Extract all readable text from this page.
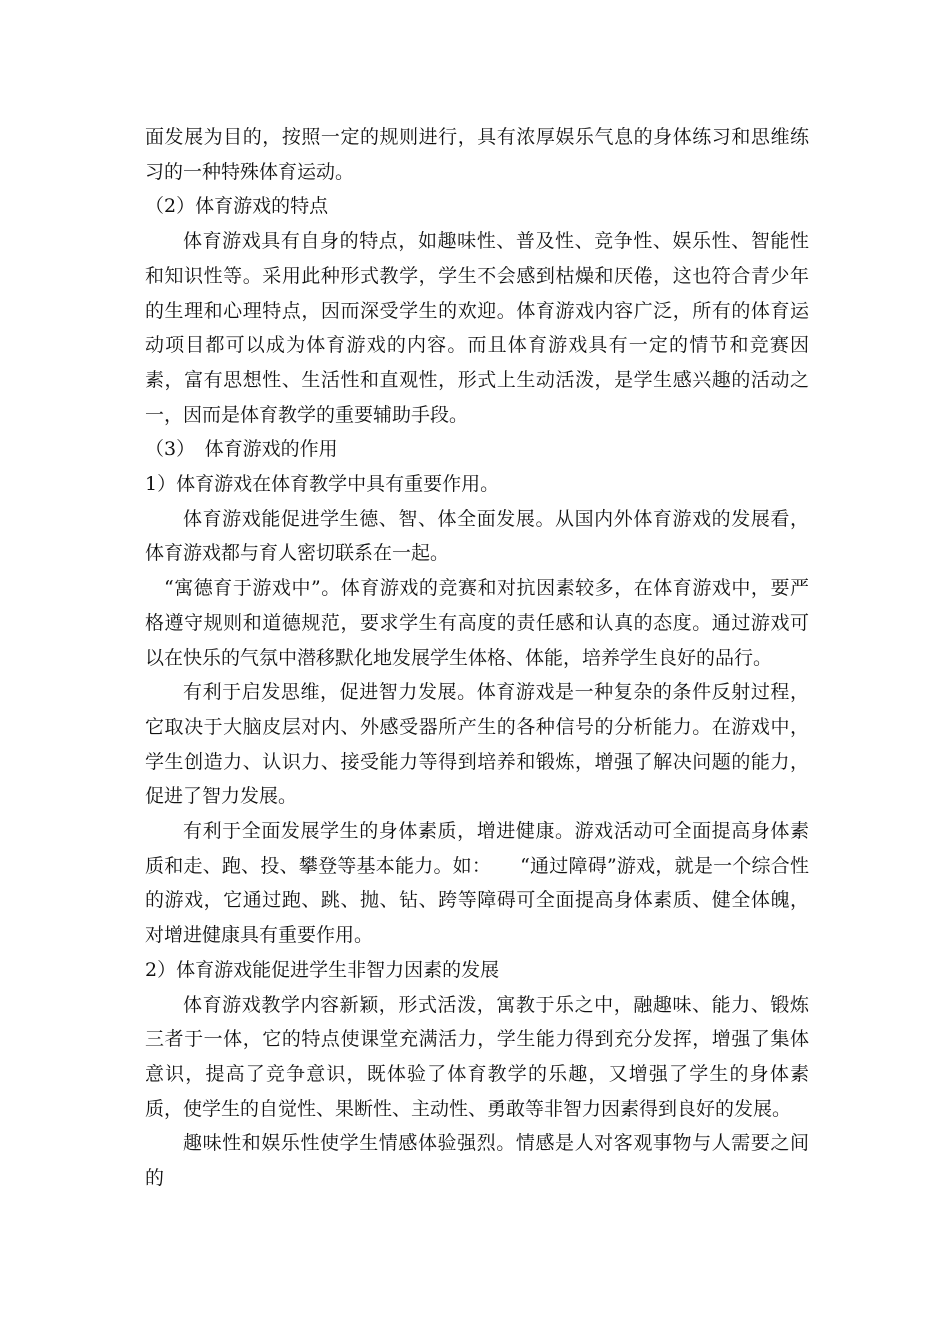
面发展为目的，按照一定的规则进行，具有浓厚娱乐气息的身体练习和思维练习的一种特殊体育运动。

（2）体育游戏的特点

体育游戏具有自身的特点，如趣味性、普及性、竞争性、娱乐性、智能性和知识性等。采用此种形式教学，学生不会感到枯燥和厌倦，这也符合青少年的生理和心理特点，因而深受学生的欢迎。体育游戏内容广泛，所有的体育运动项目都可以成为体育游戏的内容。而且体育游戏具有一定的情节和竞赛因素，富有思想性、生活性和直观性，形式上生动活泼，是学生感兴趣的活动之一，因而是体育教学的重要辅助手段。

（3）　体育游戏的作用

1）体育游戏在体育教学中具有重要作用。

体育游戏能促进学生德、智、体全面发展。从国内外体育游戏的发展看，体育游戏都与育人密切联系在一起。

“寓德育于游戏中”。体育游戏的竞赛和对抗因素较多，在体育游戏中，要严格遵守规则和道德规范，要求学生有高度的责任感和认真的态度。通过游戏可以在快乐的气氛中潜移默化地发展学生体格、体能，培养学生良好的品行。

有利于启发思维，促进智力发展。体育游戏是一种复杂的条件反射过程，它取决于大脑皮层对内、外感受器所产生的各种信号的分析能力。在游戏中，学生创造力、认识力、接受能力等得到培养和锻炼，增强了解决问题的能力，促进了智力发展。

有利于全面发展学生的身体素质，增进健康。游戏活动可全面提高身体素质和走、跑、投、攀登等基本能力。如：　　“通过障碍”游戏，就是一个综合性的游戏，它通过跑、跳、抛、钻、跨等障碍可全面提高身体素质、健全体魄，对增进健康具有重要作用。

2）体育游戏能促进学生非智力因素的发展

体育游戏教学内容新颖，形式活泼，寓教于乐之中，融趣味、能力、锻炼三者于一体，它的特点使课堂充满活力，学生能力得到充分发挥，增强了集体意识，提高了竞争意识，既体验了体育教学的乐趣，又增强了学生的身体素质，使学生的自觉性、果断性、主动性、勇敢等非智力因素得到良好的发展。

趣味性和娱乐性使学生情感体验强烈。情感是人对客观事物与人需要之间的
